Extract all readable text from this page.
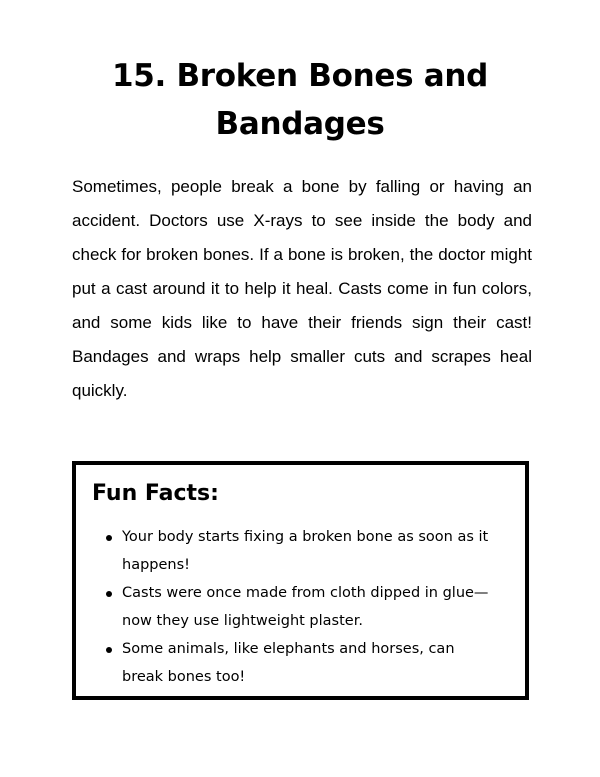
15. Broken Bones and Bandages

Sometimes, people break a bone by falling or having an accident. Doctors use X-rays to see inside the body and check for broken bones. If a bone is broken, the doctor might put a cast around it to help it heal. Casts come in fun colors, and some kids like to have their friends sign their cast! Bandages and wraps help smaller cuts and scrapes heal quickly.

Fun Facts:
Your body starts fixing a broken bone as soon as it happens!
Casts were once made from cloth dipped in glue—now they use lightweight plaster.
Some animals, like elephants and horses, can break bones too!
